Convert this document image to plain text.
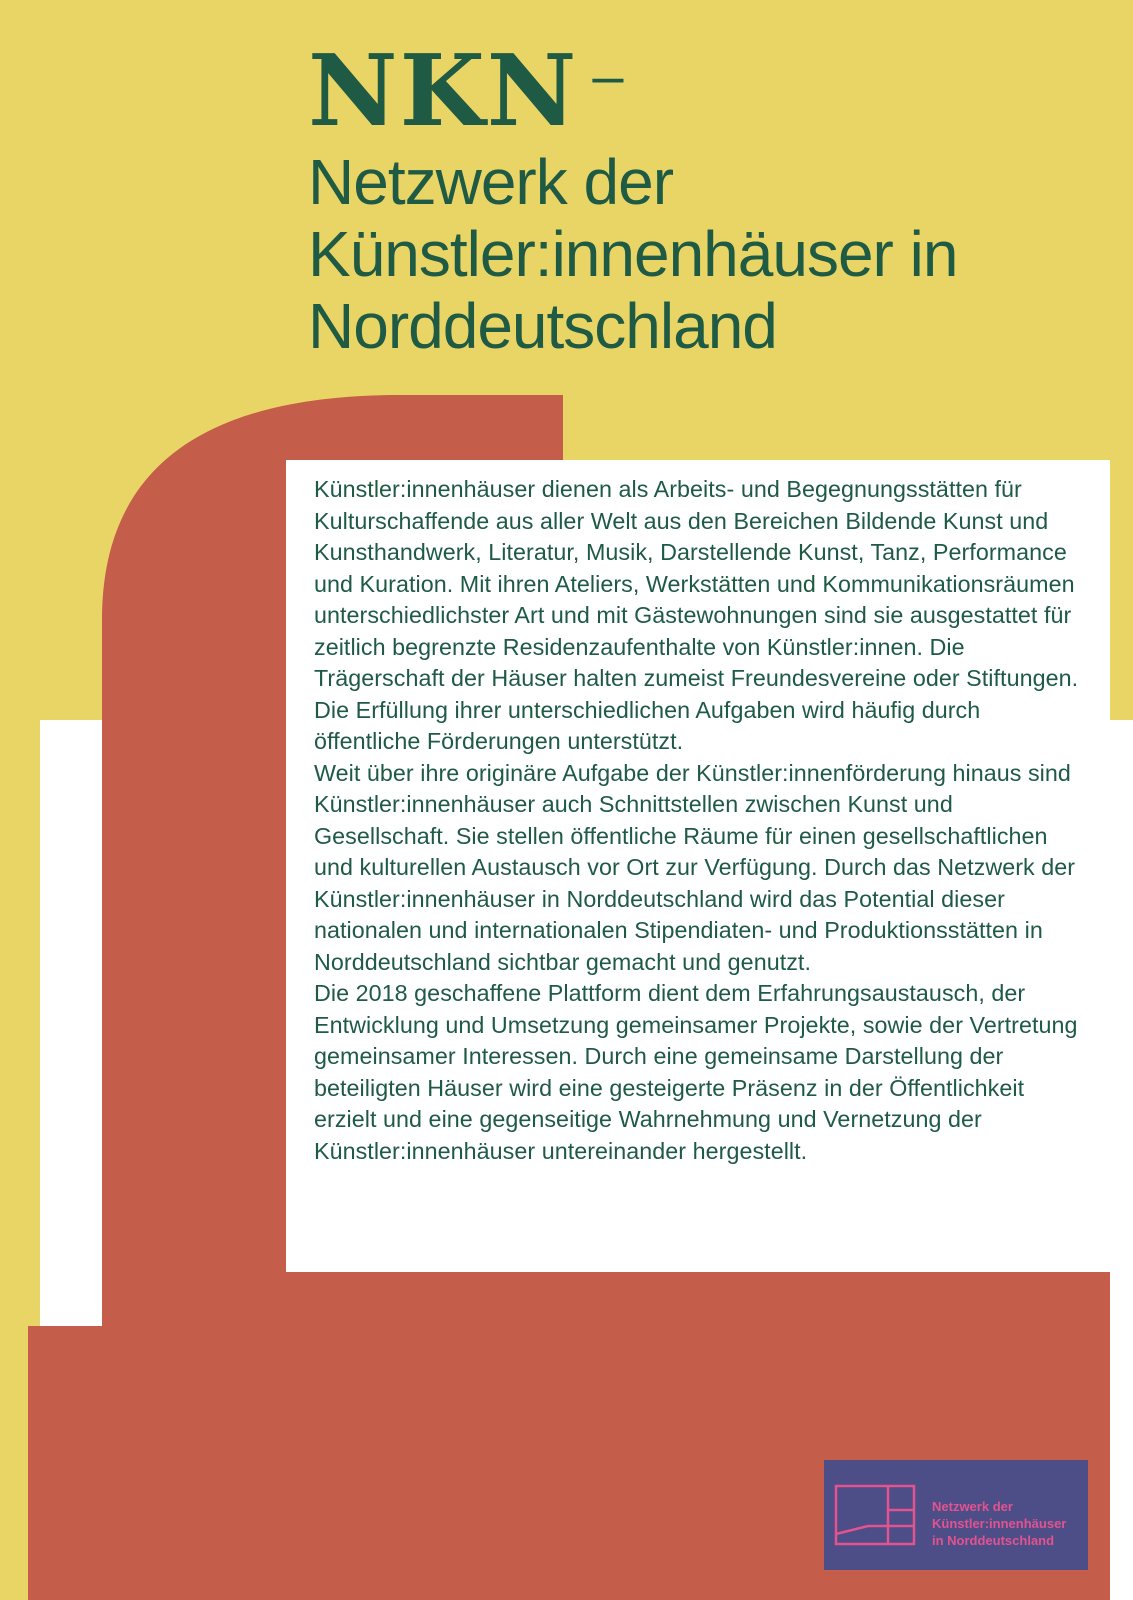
NKN –
Netzwerk der
Künstler:innenhäuser in
Norddeutschland

Künstler:innenhäuser dienen als Arbeits- und Begegnungsstätten für Kulturschaffende aus aller Welt aus den Bereichen Bildende Kunst und Kunsthandwerk, Literatur, Musik, Darstellende Kunst, Tanz, Performance und Kuration. Mit ihren Ateliers, Werkstätten und Kommunikationsräumen unterschiedlichster Art und mit Gästewohnungen sind sie ausgestattet für zeitlich begrenzte Residenzaufenthalte von Künstler:innen. Die Trägerschaft der Häuser halten zumeist Freundesvereine oder Stiftungen. Die Erfüllung ihrer unterschiedlichen Aufgaben wird häufig durch öffentliche Förderungen unterstützt.

Weit über ihre originäre Aufgabe der Künstler:innenförderung hinaus sind Künstler:innenhäuser auch Schnittstellen zwischen Kunst und Gesellschaft. Sie stellen öffentliche Räume für einen gesellschaftlichen und kulturellen Austausch vor Ort zur Verfügung. Durch das Netzwerk der Künstler:innenhäuser in Norddeutschland wird das Potential dieser nationalen und internationalen Stipendiaten- und Produktionsstätten in Norddeutschland sichtbar gemacht und genutzt.

Die 2018 geschaffene Plattform dient dem Erfahrungsaustausch, der Entwicklung und Umsetzung gemeinsamer Projekte, sowie der Vertretung gemeinsamer Interessen. Durch eine gemeinsame Darstellung der beteiligten Häuser wird eine gesteigerte Präsenz in der Öffentlichkeit erzielt und eine gegenseitige Wahrnehmung und Vernetzung der Künstler:innenhäuser untereinander hergestellt.

Netzwerk der
Künstler:innenhäuser
in Norddeutschland
